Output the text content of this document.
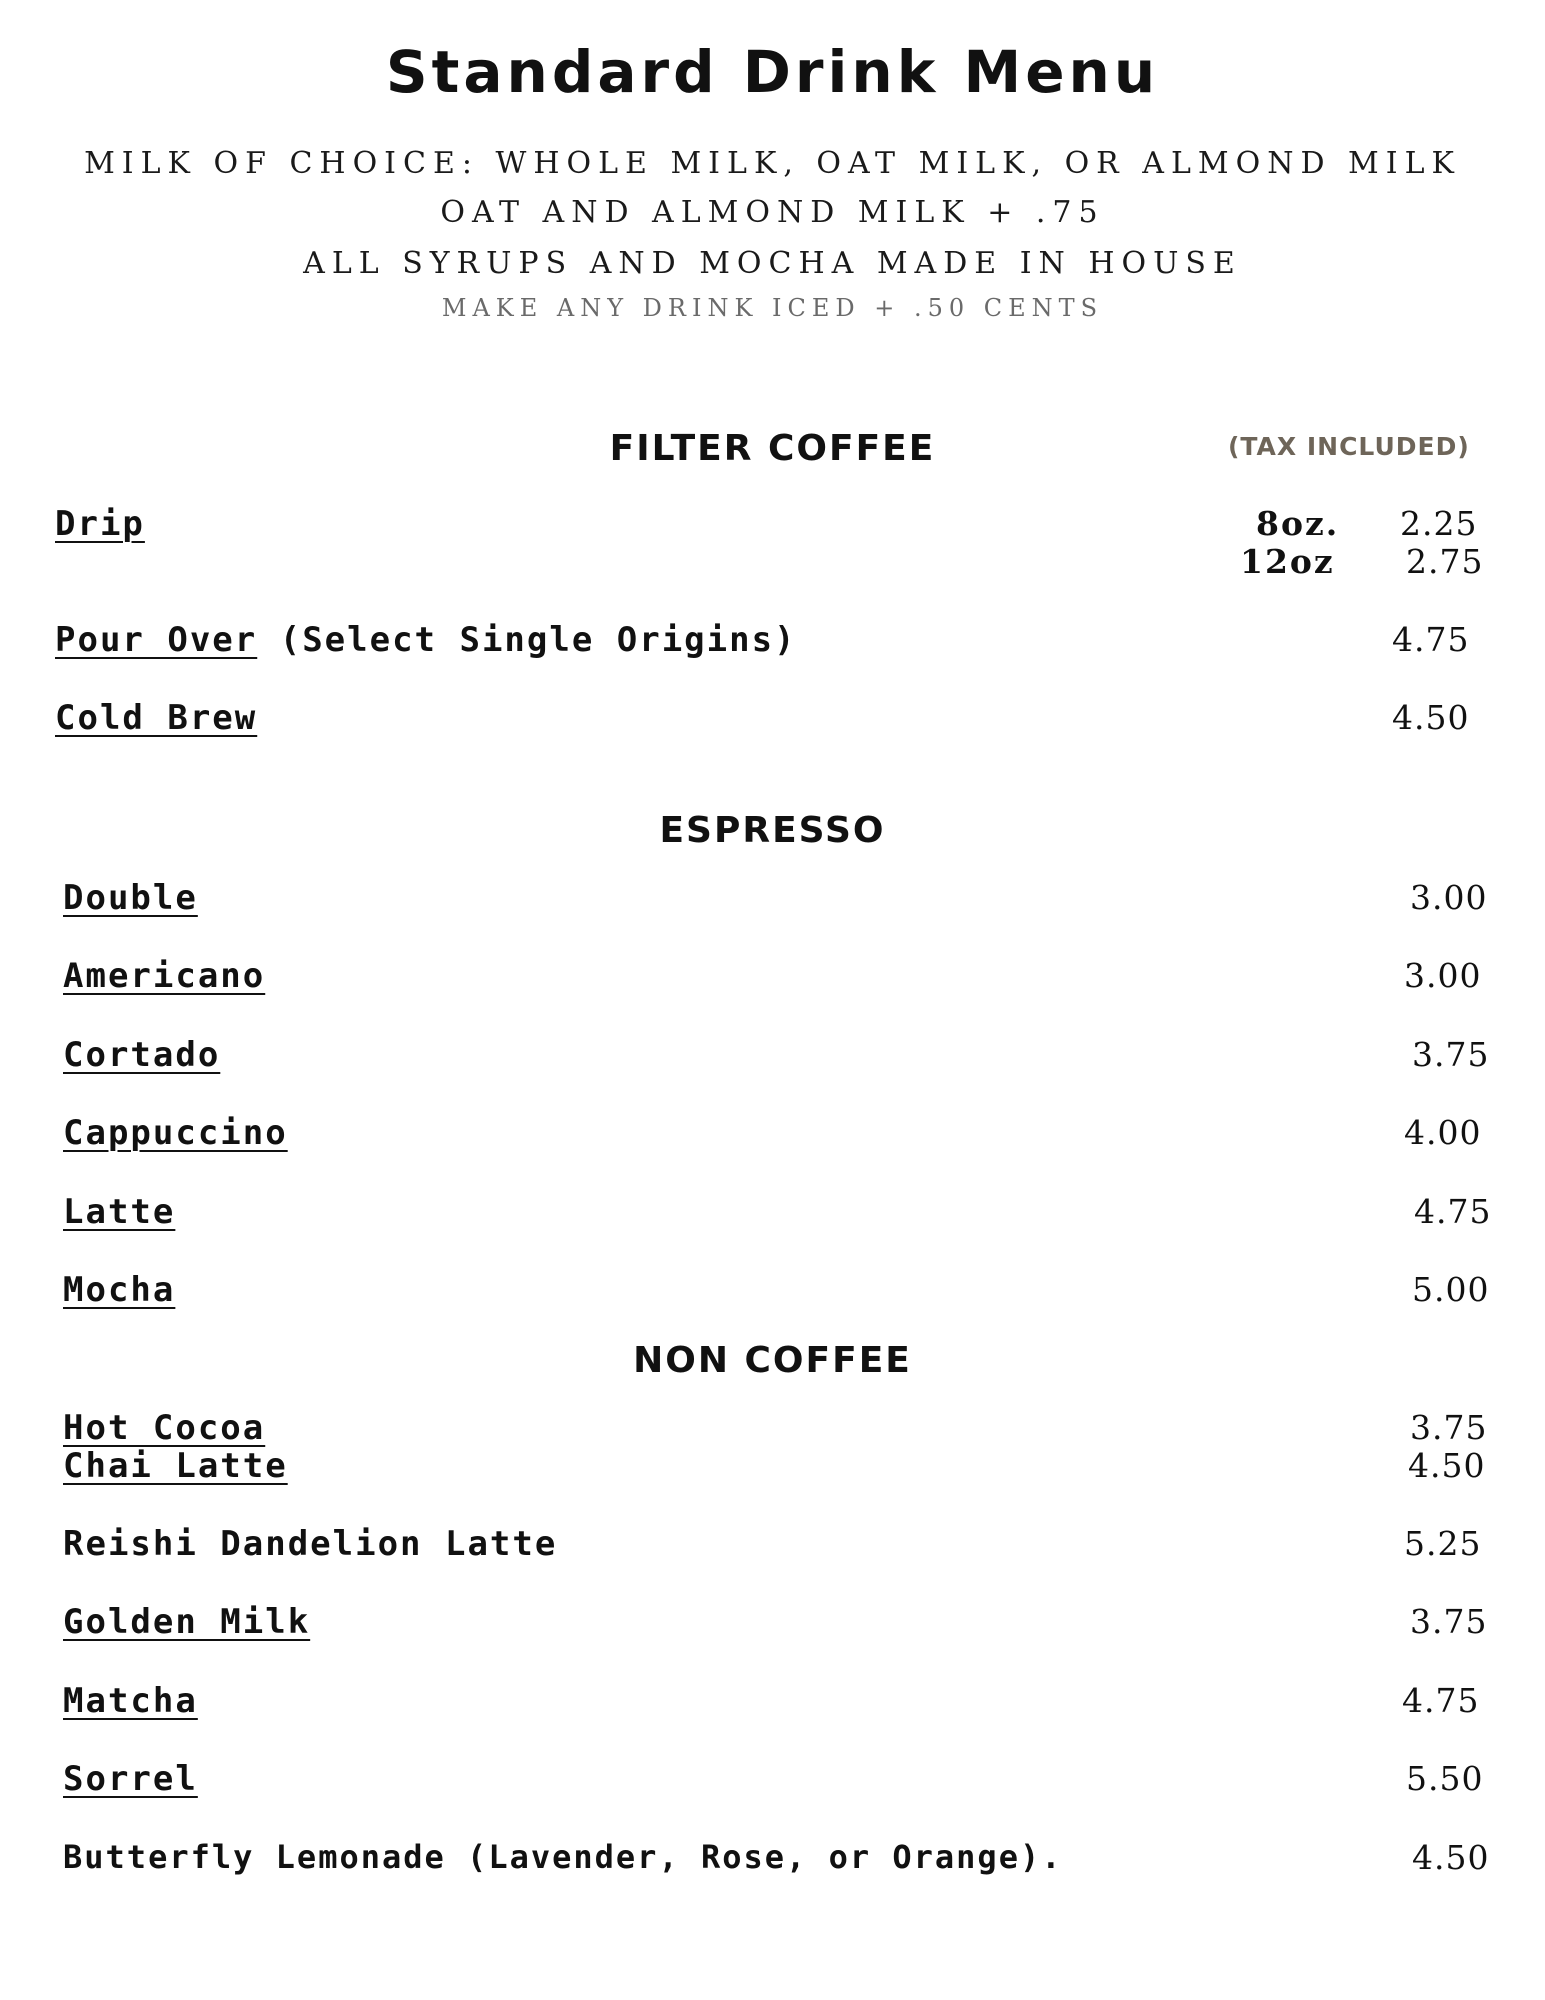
Standard Drink Menu
MILK OF CHOICE: WHOLE MILK, OAT MILK, OR ALMOND MILK
OAT AND ALMOND MILK + .75
ALL SYRUPS AND MOCHA MADE IN HOUSE
MAKE ANY DRINK ICED + .50 CENTS
FILTER COFFEE	(TAX INCLUDED)
Drip	8oz. 2.25
12oz 2.75
Pour Over (Select Single Origins)	4.75
Cold Brew	4.50
ESPRESSO
Double	3.00
Americano	3.00
Cortado	3.75
Cappuccino	4.00
Latte	4.75
Mocha	5.00
NON COFFEE
Hot Cocoa	3.75
Chai Latte	4.50
Reishi Dandelion Latte	5.25
Golden Milk	3.75
Matcha	4.75
Sorrel	5.50
Butterfly Lemonade (Lavender, Rose, or Orange).	4.50
